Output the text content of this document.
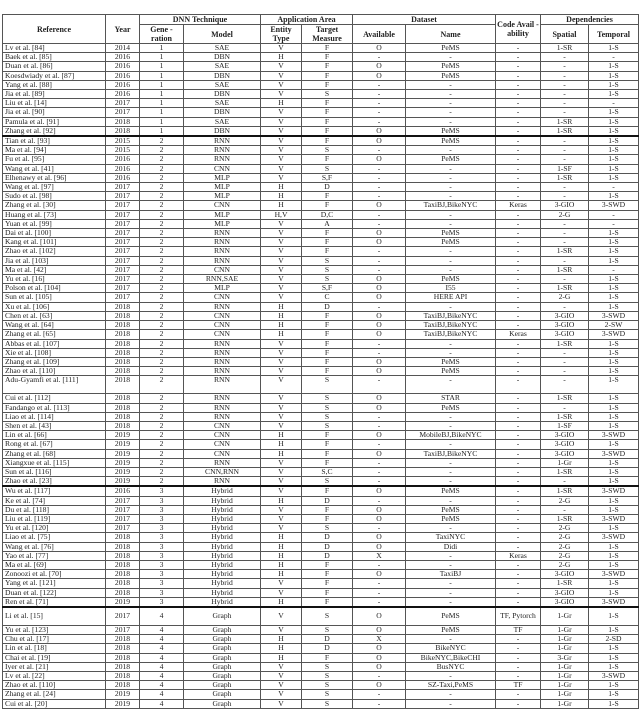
Reference	Year	DNN Technique		Application Area		Dataset		Code Avail -ability	Dependencies	
		Gene -ration	Model	Entity Type	Target Measure	Available	Name		Spatial	Temporal
Lv et al. [84]	2014	1	SAE	V	F	O	PeMS	-	1-SR	1-S
Baek et al. [85]	2016	1	DBN	H	F	-	-	-	-	-
Duan et al. [86]	2016	1	SAE	V	F	O	PeMS	-	-	1-S
Koesdwiady et al. [87]	2016	1	DBN	V	F	O	PeMS	-	-	1-S
Yang et al. [88]	2016	1	SAE	V	F	-	-	-	-	1-S
Jia et al. [89]	2016	1	DBN	V	S	-	-	-	-	1-S
Liu et al. [14]	2017	1	SAE	H	F	-	-	-	-	-
Jia et al. [90]	2017	1	DBN	V	F	-	-	-	-	1-S
Pamula et al. [91]	2018	1	SAE	V	F	-	-	-	1-SR	1-S
Zhang et al. [92]	2018	1	DBN	V	F	O	PeMS	-	1-SR	1-S
Tian et al. [93]	2015	2	RNN	V	F	O	PeMS	-	-	1-S
Ma et al. [94]	2015	2	RNN	V	S	-	-	-	-	1-S
Fu et al. [95]	2016	2	RNN	V	F	O	PeMS	-	-	1-S
Wang et al. [41]	2016	2	CNN	V	S	-	-	-	1-SF	1-S
Elhenawy et al. [96]	2016	2	MLP	V	S,F	-	-	-	1-SR	1-S
Wang et al. [97]	2017	2	MLP	H	D	-	-	-	-	-
Sudo et al. [98]	2017	2	MLP	H	F	-	-	-	-	1-S
Zhang et al. [30]	2017	2	CNN	H	F	O	TaxiBJ,BikeNYC	Keras	3-GIO	3-SWD
Huang et al. [73]	2017	2	MLP	H,V	D,C	-	-	-	2-G	-
Yuan et al. [99]	2017	2	MLP	V	A	-	-	-	-	-
Dai et al. [100]	2017	2	RNN	V	F	O	PeMS	-	-	1-S
Kang et al. [101]	2017	2	RNN	V	F	O	PeMS	-	-	1-S
Zhao et al. [102]	2017	2	RNN	V	F	-	-	-	1-SR	1-S
Jia et al. [103]	2017	2	RNN	V	S	-	-	-	-	1-S
Ma et al. [42]	2017	2	CNN	V	S	-	-	-	1-SR	-
Yu et al. [16]	2017	2	RNN,SAE	V	S	O	PeMS	-	-	1-S
Polson et al. [104]	2017	2	MLP	V	S,F	O	I55	-	1-SR	1-S
Sun et al. [105]	2017	2	CNN	V	C	O	HERE API	-	2-G	1-S
Xu et al. [106]	2018	2	RNN	H	D	-	-	-	-	1-S
Chen et al. [63]	2018	2	CNN	H	F	O	TaxiBJ,BikeNYC	-	3-GIO	3-SWD
Wang et al. [64]	2018	2	CNN	H	F	O	TaxiBJ,BikeNYC	-	3-GIO	2-SW
Zhang et al. [65]	2018	2	CNN	H	F	O	TaxiBJ,BikeNYC	Keras	3-GIO	3-SWD
Abbas et al. [107]	2018	2	RNN	V	F	-	-	-	1-SR	1-S
Xie et al. [108]	2018	2	RNN	V	F	-	-	-	-	1-S
Zhang et al. [109]	2018	2	RNN	V	F	O	PeMS	-	-	1-S
Zhao et al. [110]	2018	2	RNN	V	F	O	PeMS	-	-	1-S
Adu-Gyamfi et al. [111]	2018	2	RNN	V	S	-	-	-	-	1-S
Cui et al. [112]	2018	2	RNN	V	S	O	STAR	-	1-SR	1-S
Fandango et al. [113]	2018	2	RNN	V	S	O	PeMS	-	-	1-S
Liao et al. [114]	2018	2	RNN	V	S	-	-	-	1-SR	1-S
Shen et al. [43]	2018	2	CNN	V	S	-	-	-	1-SF	1-S
Lin et al. [66]	2019	2	CNN	H	F	O	MobileBJ,BikeNYC	-	3-GIO	3-SWD
Rong et al. [67]	2019	2	CNN	H	F	-	-	-	3-GIO	1-S
Zhang et al. [68]	2019	2	CNN	H	F	O	TaxiBJ,BikeNYC	-	3-GIO	3-SWD
Xiangxue et al. [115]	2019	2	RNN	V	F	-	-	-	1-Gr	1-S
Sun et al. [116]	2019	2	CNN,RNN	V	S,C	-	-	-	1-SR	1-S
Zhao et al. [23]	2019	2	RNN	V	S	-	-	-	-	1-S
Wu et al. [117]	2016	3	Hybrid	V	F	O	PeMS	-	1-SR	3-SWD
Ke et al. [74]	2017	3	Hybrid	H	D	-	-	-	2-G	1-S
Du et al. [118]	2017	3	Hybrid	V	F	O	PeMS	-	-	1-S
Liu et al. [119]	2017	3	Hybrid	V	F	O	PeMS	-	1-SR	3-SWD
Yu et al. [120]	2017	3	Hybrid	V	S	-	-	-	2-G	1-S
Liao et al. [75]	2018	3	Hybrid	H	D	O	TaxiNYC	-	2-G	3-SWD
Wang et al. [76]	2018	3	Hybrid	H	D	O	Didi	-	2-G	1-S
Yao et al. [77]	2018	3	Hybrid	H	D	X	-	Keras	2-G	1-S
Ma et al. [69]	2018	3	Hybrid	H	F	-	-	-	2-G	1-S
Zonoozi et al. [70]	2018	3	Hybrid	H	F	O	TaxiBJ	-	3-GIO	3-SWD
Yang et al. [121]	2018	3	Hybrid	V	F	-	-	-	1-SR	1-S
Duan et al. [122]	2018	3	Hybrid	V	F	-	-	-	3-GIO	1-S
Ren et al. [71]	2019	3	Hybrid	H	F	-	-	-	3-GIO	3-SWD
Li et al. [15]	2017	4	Graph	V	S	O	PeMS	TF, Pytorch	1-Gr	1-S
Yu et al. [123]	2017	4	Graph	V	S	O	PeMS	TF	1-Gr	1-S
Chu et al. [17]	2018	4	Graph	H	D	X	-	-	1-Gr	2-SD
Lin et al. [18]	2018	4	Graph	H	D	O	BikeNYC	-	1-Gr	1-S
Chai et al. [19]	2018	4	Graph	H	F	O	BikeNYC,BikeCHI	-	3-Gr	1-S
Iyer et al. [21]	2018	4	Graph	V	S	O	BusNYC	-	1-Gr	1-S
Lv et al. [22]	2018	4	Graph	V	S	-	-	-	1-Gr	3-SWD
Zhao et al. [110]	2018	4	Graph	V	S	O	SZ-Taxi,PeMS	TF	1-Gr	1-S
Zhang et al. [24]	2019	4	Graph	V	S	-	-	-	1-Gr	1-S
Cui et al. [20]	2019	4	Graph	V	S	-	-	-	1-Gr	1-S
